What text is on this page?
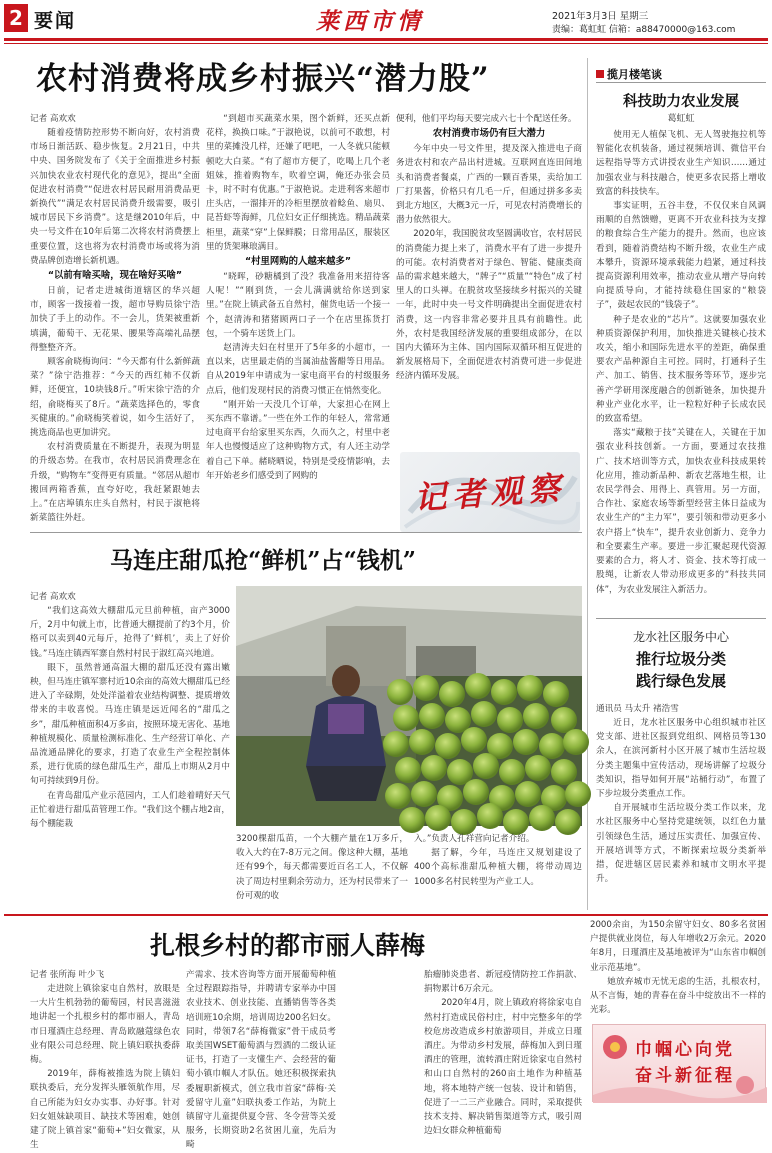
2 要闻	莱西市情	2021年3月3日 星期三
责编：葛虹虹 信箱：a88470000@163.com
农村消费将成乡村振兴“潜力股”
记者 高欢欢

随着疫情防控形势不断向好，农村消费市场日渐活跃、稳步恢复。2月21日，中共中央、国务院发布了《关于全面推进乡村振兴加快农业农村现代化的意见》，提出“全面促进农村消费”“促进农村居民耐用消费品更新换代”“满足农村居民消费升级需要，吸引城市居民下乡消费”。这是继2010年后，中央一号文件在10年后第二次将农村消费摆上重要位置，这也将为农村消费市场或将为消费品牌创造增长新机遇。

“以前有啥买啥，现在啥好买啥”

日前，记者走进城街道辖区的华兴超市，顾客一拨接着一拨，超市导购员徐宁浩加快了手上的动作。不一会儿，货架被重新填满，葡萄干、无花果、腰果等高端礼品摆得整整齐齐。

顾客俞晓梅询问：“今天都有什么新鲜蔬菜？”徐宁浩推荐：“今天的西红柿不仅新鲜，还便宜，10块钱8斤。”听宋徐宁浩的介绍，俞晓梅买了8斤。“蔬菜选择色的，零食买健康的。”俞晓梅笑着说，如今生活好了，挑选商品也更加讲究。

农村消费质量在不断提升，表现为明显的升级态势。在我市，农村居民消费理念在升级，“购物车”变得更有质量。“邻居从超市搬回两箱香蕉，直夸好吃，我赶紧跟她去上。”在店埠镇东庄头自然村，村民于淑艳将新菜篮往外赶。

“到超市买蔬菜水果，图个新鲜，还买点新花样，换换口味。”于淑艳说，以前可不敢想，村里的菜摊没几样，还嫌了吧吧，一人冬就只能顿顿吃大白菜。“有了超市方便了，吃喝上几个老姐妹，推着购物车，吹着空调，俺还办张会员卡，时不时有优惠。”于淑艳说。走进利客来超市庄头店，一溜排开的冷柜里摆放着鲶鱼、扇贝、昆苔虾等海鲜，几位妇女正仔细挑选。精品蔬菜柜里，蔬菜“穿”上保鲜膜；日常用品区，服装区里的货架琳琅满目。

“村里网购的人越来越多”

“晓晖，砂糖橘到了没？我准备用来招待客人呢！”“刚到货，一会儿满满就给你送到家里。”在院上镇武备五自然村，催货电话一个接一个，赵清涛和猪猪顾两口子一个在店里拣货打包，一个骑车送货上门。

赵清涛夫妇在村里开了5年多的小超市，一直以来，店里最走俏的当属油盐酱醋等日用品。自从2019年申请成为一家电商平台的村级服务点后，他们发现村民的消费习惯正在悄然变化。

“刚开始一天没几个订单，大家担心在网上买东西不靠谱。”一些在外工作的年轻人，常常通过电商平台给家里买东西，久而久之，村里中老年人也慢慢适应了这种购物方式，有人还主动学着自己下单。赭晓晒说，特别是受疫情影响，去年开始老乡们感受到了网购的

便利，他们平均每天要完成六七十个配送任务。

农村消费市场仍有巨大潜力

今年中央一号文件里，提及深入推进电子商务进农村和农产品出村进城。互联网直连田间地头和消费者餐桌，广西的一颗百香果，卖给加工厂打果酱，价格只有几毛一斤，但通过拼多多卖到北方地区，大概3元一斤，可见农村消费增长的潜力依然很大。

2020年，我国脱贫攻坚圆满收官，农村居民的消费能力提上来了，消费水平有了进一步提升的可能。农村消费者对于绿色、智能、健康类商品的需求越来越大，“牌子”“质量”“特色”成了村里人的口头禅。在脱贫攻坚接续乡村振兴的关键一年，此时中央一号文件明确提出全面促进农村消费，这一内容非常必要并且具有前瞻性。此外，农村是我国经济发展的重要组成部分，在以国内大循环为主体、国内国际双循环相互促进的新发展格局下，全面促进农村消费可进一步促进经济内循环发展。

记者观察
揽月楼笔谈
科技助力农业发展
葛虹虹

使用无人植保飞机、无人驾驶拖拉机等智能化农机装备，通过视频培训、微信平台远程指导等方式讲授农业生产知识……通过加强农业与科技融合，使更多农民搭上增收致富的科技快车。

事实证明，五谷丰登，不仅仅来自风调雨顺的自然馈赠，更离不开农业科技为支撑的粮食综合生产能力的提升。然而，也应该看到，随着消费结构不断升级，农业生产成本攀升，资源环境承载能力趋紧，通过科技提高资源利用效率，推动农业从增产导向转向提质导向，才能持续稳住国家的“粮袋子”，鼓起农民的“钱袋子”。

种子是农业的“芯片”。这就要加强农业种质资源保护利用，加快推进关键核心技术攻关，缩小和国际先进水平的差距，确保重要农产品种源自主可控。同时，打通科子生产、加工、销售、技术服务等环节，逐步完善产学研用深度融合的创新链条，加快提升种业产业化水平，让一粒粒好种子长成农民的致富希望。

落实“藏粮于技”关键在人，关键在于加强农业科技创新。一方面，要通过农技推广、技术培训等方式，加快农业科技成果转化应用，推动新品种、新农艺落地生根，让农民学得会、用得上、真管用。另一方面，合作社、家庭农场等新型经营主体日益成为农业生产的“主力军”，要引领和带动更多小农户搭上“快车”，提升农业创新力、竞争力和全要素生产率。要进一步汇聚起现代资源要素的合力，将人才、资金、技术等打成一股绳，让新农人带动形成更多的“科技共同体”，为农业发展注入新活力。

龙水社区服务中心
推行垃圾分类
践行绿色发展
通讯员 马太升 褚浩雪

近日，龙水社区服务中心组织城市社区党支部、进社区报到党组织、网格员等130余人，在滨河新村小区开展了城市生活垃圾分类主题集中宣传活动，现场讲解了垃圾分类知识，指导如何开展“站桶行动”，布置了下步垃圾分类重点工作。

自开展城市生活垃圾分类工作以来，龙水社区服务中心坚持党建统领，以红色力量引领绿色生活，通过压实责任、加强宣传、开展培训等方式，不断探索垃圾分类新举措，促进辖区居民素养和城市文明水平提升。

马连庄甜瓜抢“鲜机”占“钱机”
记者 高欢欢

“我们这高效大棚甜瓜元旦前种植，亩产3000斤，2月中旬就上市，比普通大棚提前了约3个月，价格可以卖到40元每斤，抢得了‘鲜机’，卖上了好价钱。”马连庄镇西军寨自然村村民于淑红高兴地道。

眼下，虽然普通高温大棚的甜瓜还没有露出嫩秧，但马连庄镇军寨村近10余亩的高效大棚甜瓜已经进入了辛碌期，处处洋溢着农业结构调整、提质增效带来的丰收喜悦。马连庄镇是远近闻名的“甜瓜之乡”，甜瓜种植面积4万多亩，按照环境无害化、基地种植规模化、质量检测标准化、生产经营订单化、产品流通品牌化的要求，打造了农业生产全程控制体系，进行优质的绿色甜瓜生产，甜瓜上市期从2月中旬可持续到9月份。

在青岛甜瓜产业示范园内，工人们趁着晴好天气正忙着进行甜瓜苗管理工作。“我们这个棚占地2亩，每个棚能栽

3200棵甜瓜苗，一个大棚产量在1万多斤，收入大约在7-8万元之间。像这种大棚，基地还有99个，每天都需要近百名工人，不仅解决了周边村里剩余劳动力，还为村民带来了一份可观的收

入。”负责人孔祥营向记者介绍。

据了解，今年，马连庄又规划建设了400个高标准甜瓜种植大棚，将带动周边1000多名村民转型为产业工人。

扎根乡村的都市丽人薛梅
记者 张所海 叶少飞

走进院上镇徐家屯自然村，放眼是一大片生机勃勃的葡萄园，村民喜滋滋地讲起一个扎根乡村的都市丽人，青岛市日瑾酒庄总经理、青岛欧融蔻绿色农业有限公司总经理、院上镇妇联执委薛梅。

2019年，薛梅被推选为院上镇妇联执委后，充分发挥头雁领航作用，尽自己所能为妇女办实事、办好事。针对妇女姐妹缺项目、缺技术等困难，她创建了院上镇首家“葡萄+”妇女微家，从生

产需求、技术咨询等方面开展葡萄种植全过程跟踪指导，并聘请专家举办中国农业技术、创业技能、直播销售等各类培训班10余期，培训周边200名妇女。同时，带领7名“薛梅微家”骨干成员考取美国WSET葡萄酒与烈酒的二级认证证书，打造了一支懂生产、会经营的葡萄小镇巾帼人才队伍。她还积极探索执委履职新模式，创立我市首家“薛梅·关爱留守儿童”妇联执委工作站，为院上镇留守儿童提供夏令营、冬令营等关爱服务，长期资助2名贫困儿童，先后为畸

胎瘤肺炎患者、新冠疫情防控工作捐款、捐物累计6万余元。

2020年4月，院上镇政府将徐家屯自然村打造成民俗村庄，村中完整多年的学校危房改造成乡村旅游项目，并成立日瑾酒庄。为带动乡村发展，薛梅加入到日瑾酒庄的管理，流转酒庄附近徐家屯自然村和山口自然村的260亩土地作为种植基地，将本地特产统一包装、设计和销售，促进了一二三产业融合。同时，采取提供技术支持、解决销售渠道等方式，吸引周边妇女群众种植葡萄

2000余亩，为150余留守妇女、80多名贫困户提供就业岗位，每人年增收2万余元。2020年8月，日瑾酒庄及基地被评为“山东省巾帼创业示范基地”。

她放弃城市无忧无虑的生活，扎根农村，从不言悔，她的青春在奋斗中绽放出不一样的光彩。

巾帼心向党
奋斗新征程
